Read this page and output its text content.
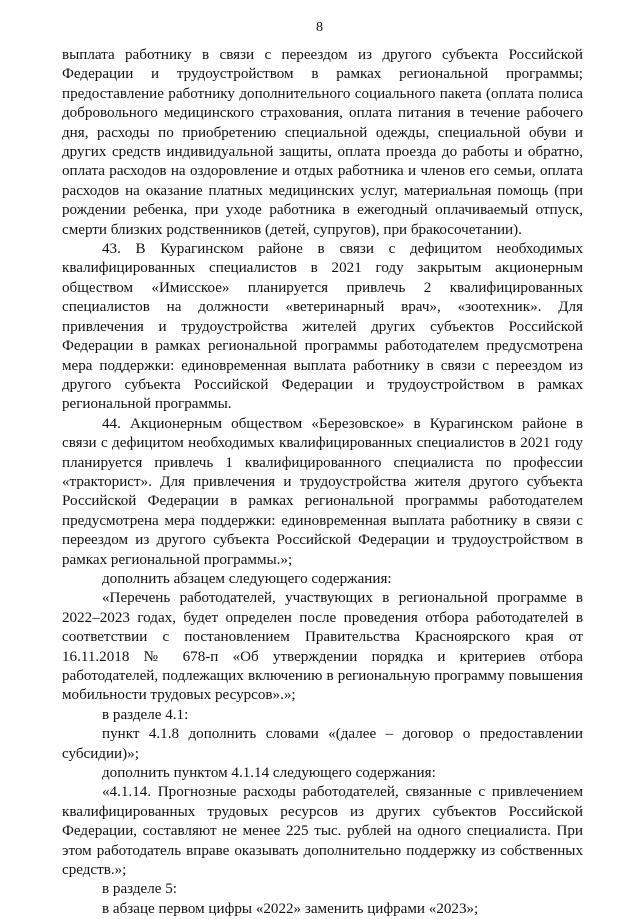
8

выплата работнику в связи с переездом из другого субъекта Российской Федерации и трудоустройством в рамках региональной программы; предоставление работнику дополнительного социального пакета (оплата полиса добровольного медицинского страхования, оплата питания в течение рабочего дня, расходы по приобретению специальной одежды, специальной обуви и других средств индивидуальной защиты, оплата проезда до работы и обратно, оплата расходов на оздоровление и отдых работника и членов его семьи, оплата расходов на оказание платных медицинских услуг, материальная помощь (при рождении ребенка, при уходе работника в ежегодный оплачиваемый отпуск, смерти близких родственников (детей, супругов), при бракосочетании).

43. В Курагинском районе в связи с дефицитом необходимых квалифицированных специалистов в 2021 году закрытым акционерным обществом «Имисское» планируется привлечь 2 квалифицированных специалистов на должности «ветеринарный врач», «зоотехник». Для привлечения и трудоустройства жителей других субъектов Российской Федерации в рамках региональной программы работодателем предусмотрена мера поддержки: единовременная выплата работнику в связи с переездом из другого субъекта Российской Федерации и трудоустройством в рамках региональной программы.

44. Акционерным обществом «Березовское» в Курагинском районе в связи с дефицитом необходимых квалифицированных специалистов в 2021 году планируется привлечь 1 квалифицированного специалиста по профессии «тракторист». Для привлечения и трудоустройства жителя другого субъекта Российской Федерации в рамках региональной программы работодателем предусмотрена мера поддержки: единовременная выплата работнику в связи с переездом из другого субъекта Российской Федерации и трудоустройством в рамках региональной программы.»;

дополнить абзацем следующего содержания:

«Перечень работодателей, участвующих в региональной программе в 2022–2023 годах, будет определен после проведения отбора работодателей в соответствии с постановлением Правительства Красноярского края от 16.11.2018 № 678-п «Об утверждении порядка и критериев отбора работодателей, подлежащих включению в региональную программу повышения мобильности трудовых ресурсов».»;

в разделе 4.1:

пункт 4.1.8 дополнить словами «(далее – договор о предоставлении субсидии)»;

дополнить пунктом 4.1.14 следующего содержания:

«4.1.14. Прогнозные расходы работодателей, связанные с привлечением квалифицированных трудовых ресурсов из других субъектов Российской Федерации, составляют не менее 225 тыс. рублей на одного специалиста. При этом работодатель вправе оказывать дополнительно поддержку из собственных средств.»;

в разделе 5:

в абзаце первом цифры «2022» заменить цифрами «2023»;
